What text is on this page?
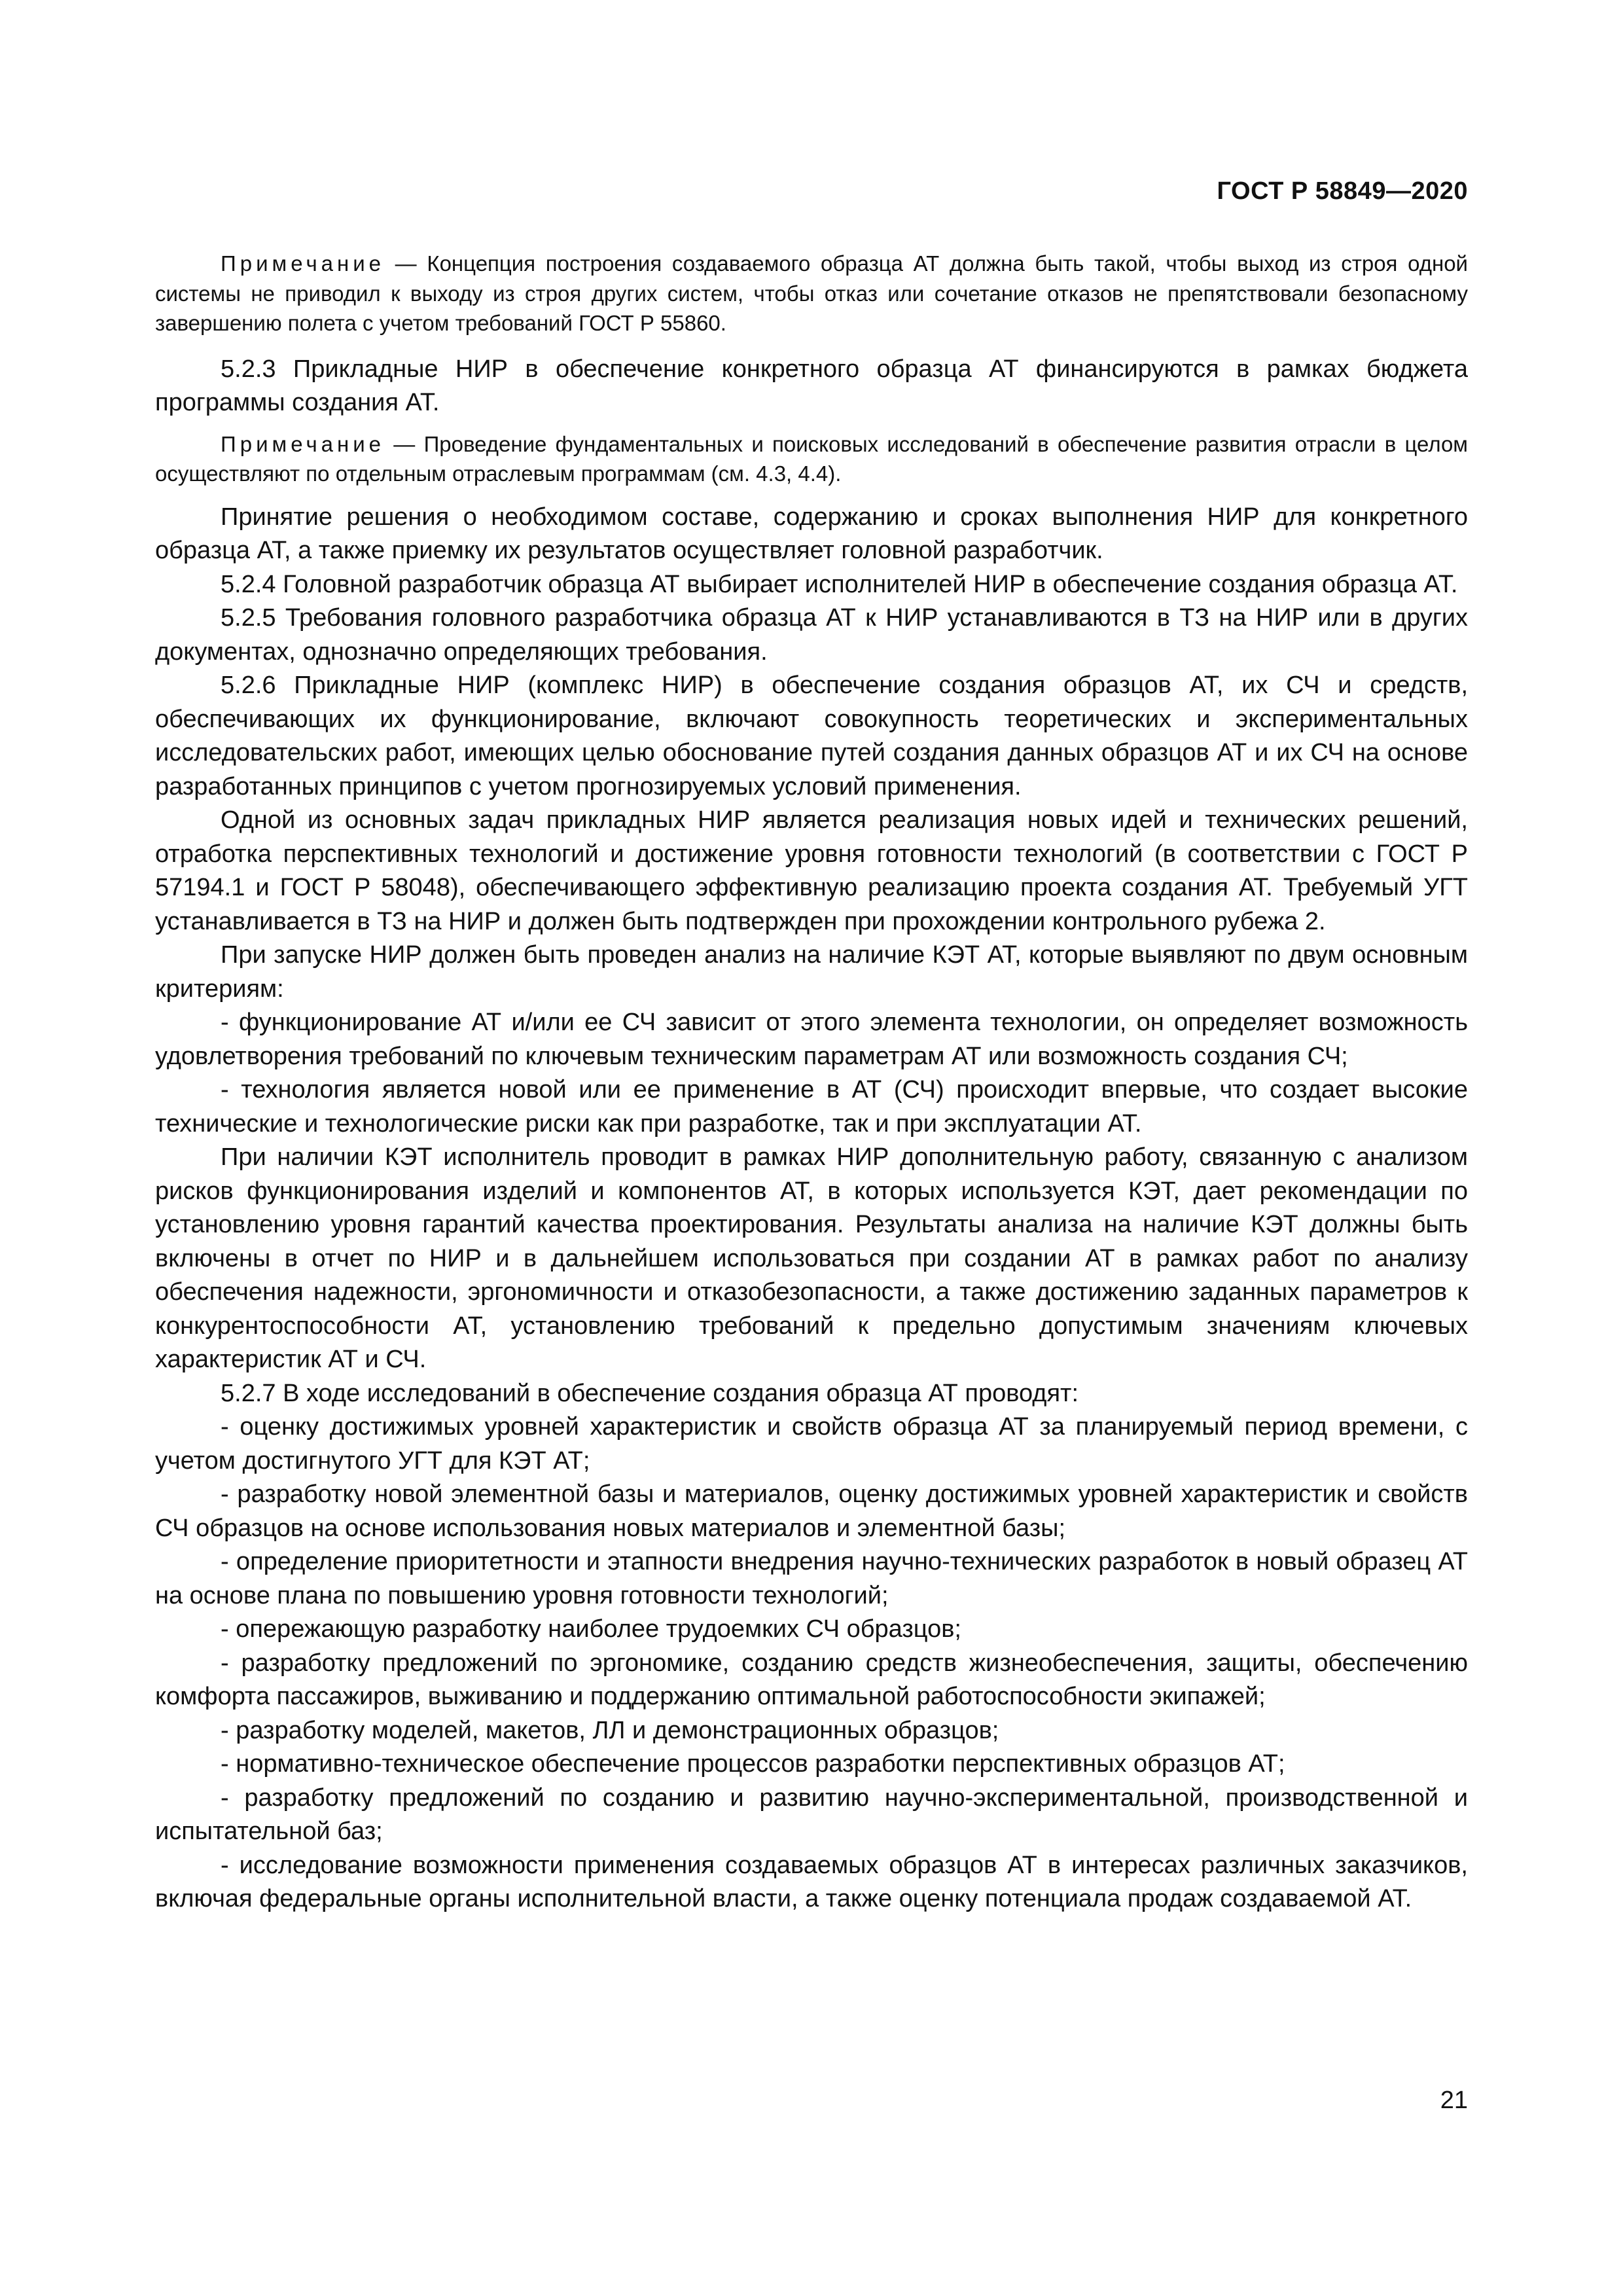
ГОСТ Р 58849—2020

Примечание — Концепция построения создаваемого образца АТ должна быть такой, чтобы выход из строя одной системы не приводил к выходу из строя других систем, чтобы отказ или сочетание отказов не препятствовали безопасному завершению полета с учетом требований ГОСТ Р 55860.

5.2.3 Прикладные НИР в обеспечение конкретного образца АТ финансируются в рамках бюджета программы создания АТ.

Примечание — Проведение фундаментальных и поисковых исследований в обеспечение развития отрасли в целом осуществляют по отдельным отраслевым программам (см. 4.3, 4.4).

Принятие решения о необходимом составе, содержанию и сроках выполнения НИР для конкретного образца АТ, а также приемку их результатов осуществляет головной разработчик.

5.2.4 Головной разработчик образца АТ выбирает исполнителей НИР в обеспечение создания образца АТ.

5.2.5 Требования головного разработчика образца АТ к НИР устанавливаются в ТЗ на НИР или в других документах, однозначно определяющих требования.

5.2.6 Прикладные НИР (комплекс НИР) в обеспечение создания образцов АТ, их СЧ и средств, обеспечивающих их функционирование, включают совокупность теоретических и экспериментальных исследовательских работ, имеющих целью обоснование путей создания данных образцов АТ и их СЧ на основе разработанных принципов с учетом прогнозируемых условий применения.

Одной из основных задач прикладных НИР является реализация новых идей и технических решений, отработка перспективных технологий и достижение уровня готовности технологий (в соответствии с ГОСТ Р 57194.1 и ГОСТ Р 58048), обеспечивающего эффективную реализацию проекта создания АТ. Требуемый УГТ устанавливается в ТЗ на НИР и должен быть подтвержден при прохождении контрольного рубежа 2.

При запуске НИР должен быть проведен анализ на наличие КЭТ АТ, которые выявляют по двум основным критериям:

- функционирование АТ и/или ее СЧ зависит от этого элемента технологии, он определяет возможность удовлетворения требований по ключевым техническим параметрам АТ или возможность создания СЧ;

- технология является новой или ее применение в АТ (СЧ) происходит впервые, что создает высокие технические и технологические риски как при разработке, так и при эксплуатации АТ.

При наличии КЭТ исполнитель проводит в рамках НИР дополнительную работу, связанную с анализом рисков функционирования изделий и компонентов АТ, в которых используется КЭТ, дает рекомендации по установлению уровня гарантий качества проектирования. Результаты анализа на наличие КЭТ должны быть включены в отчет по НИР и в дальнейшем использоваться при создании АТ в рамках работ по анализу обеспечения надежности, эргономичности и отказобезопасности, а также достижению заданных параметров к конкурентоспособности АТ, установлению требований к предельно допустимым значениям ключевых характеристик АТ и СЧ.

5.2.7 В ходе исследований в обеспечение создания образца АТ проводят:

- оценку достижимых уровней характеристик и свойств образца АТ за планируемый период времени, с учетом достигнутого УГТ для КЭТ АТ;

- разработку новой элементной базы и материалов, оценку достижимых уровней характеристик и свойств СЧ образцов на основе использования новых материалов и элементной базы;

- определение приоритетности и этапности внедрения научно-технических разработок в новый образец АТ на основе плана по повышению уровня готовности технологий;

- опережающую разработку наиболее трудоемких СЧ образцов;

- разработку предложений по эргономике, созданию средств жизнеобеспечения, защиты, обеспечению комфорта пассажиров, выживанию и поддержанию оптимальной работоспособности экипажей;

- разработку моделей, макетов, ЛЛ и демонстрационных образцов;

- нормативно-техническое обеспечение процессов разработки перспективных образцов АТ;

- разработку предложений по созданию и развитию научно-экспериментальной, производственной и испытательной баз;

- исследование возможности применения создаваемых образцов АТ в интересах различных заказчиков, включая федеральные органы исполнительной власти, а также оценку потенциала продаж создаваемой АТ.

21
